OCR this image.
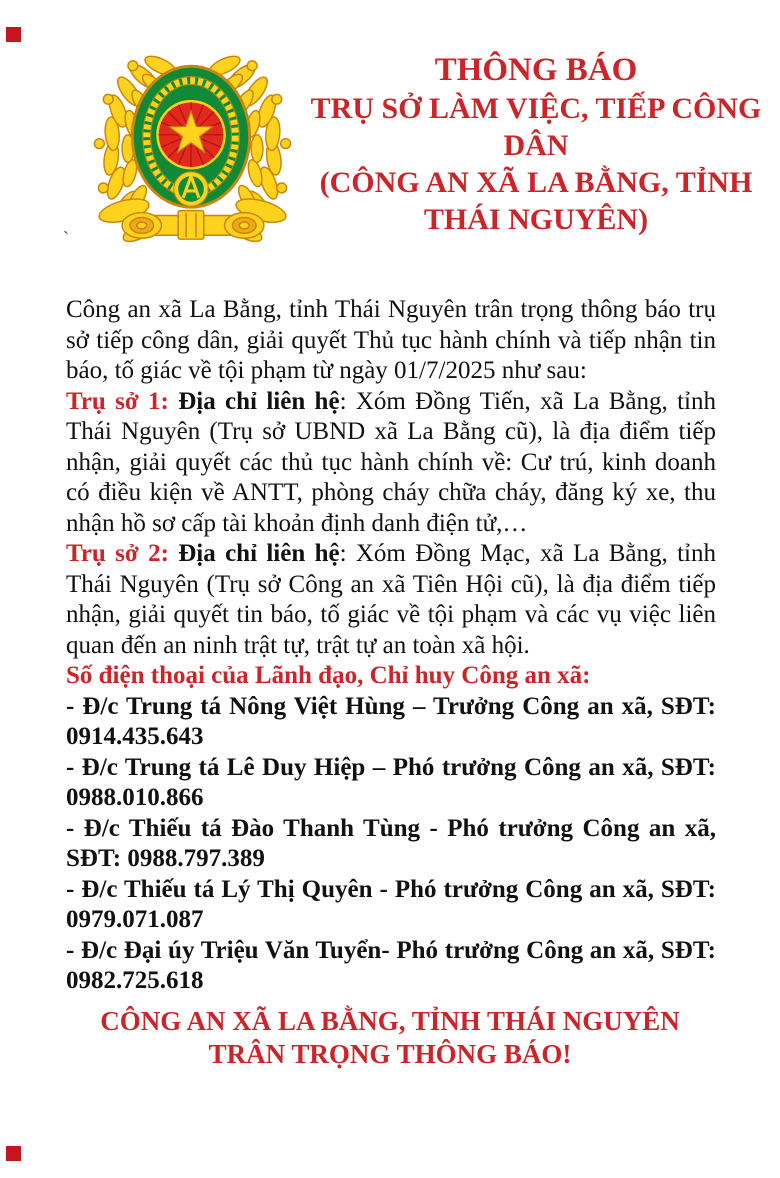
`
THÔNG BÁO
TRỤ SỞ LÀM VIỆC, TIẾP CÔNG DÂN
(CÔNG AN XÃ LA BẰNG, TỈNH THÁI NGUYÊN)

Công an xã La Bằng, tỉnh Thái Nguyên trân trọng thông báo trụ sở tiếp công dân, giải quyết Thủ tục hành chính và tiếp nhận tin báo, tố giác về tội phạm từ ngày 01/7/2025 như sau:

Trụ sở 1: Địa chỉ liên hệ: Xóm Đồng Tiến, xã La Bằng, tỉnh Thái Nguyên (Trụ sở UBND xã La Bằng cũ), là địa điểm tiếp nhận, giải quyết các thủ tục hành chính về: Cư trú, kinh doanh có điều kiện về ANTT, phòng cháy chữa cháy, đăng ký xe, thu nhận hồ sơ cấp tài khoản định danh điện tử,…

Trụ sở 2: Địa chỉ liên hệ: Xóm Đồng Mạc, xã La Bằng, tỉnh Thái Nguyên (Trụ sở Công an xã Tiên Hội cũ), là địa điểm tiếp nhận, giải quyết tin báo, tố giác về tội phạm và các vụ việc liên quan đến an ninh trật tự, trật tự an toàn xã hội.

Số điện thoại của Lãnh đạo, Chỉ huy Công an xã:

- Đ/c Trung tá Nông Việt Hùng – Trưởng Công an xã, SĐT: 0914.435.643

- Đ/c Trung tá Lê Duy Hiệp – Phó trưởng Công an xã, SĐT: 0988.010.866

- Đ/c Thiếu tá Đào Thanh Tùng - Phó trưởng Công an xã, SĐT: 0988.797.389

- Đ/c Thiếu tá Lý Thị Quyên - Phó trưởng Công an xã, SĐT: 0979.071.087

- Đ/c Đại úy Triệu Văn Tuyển- Phó trưởng Công an xã, SĐT: 0982.725.618

CÔNG AN XÃ LA BẰNG, TỈNH THÁI NGUYÊN
TRÂN TRỌNG THÔNG BÁO!
